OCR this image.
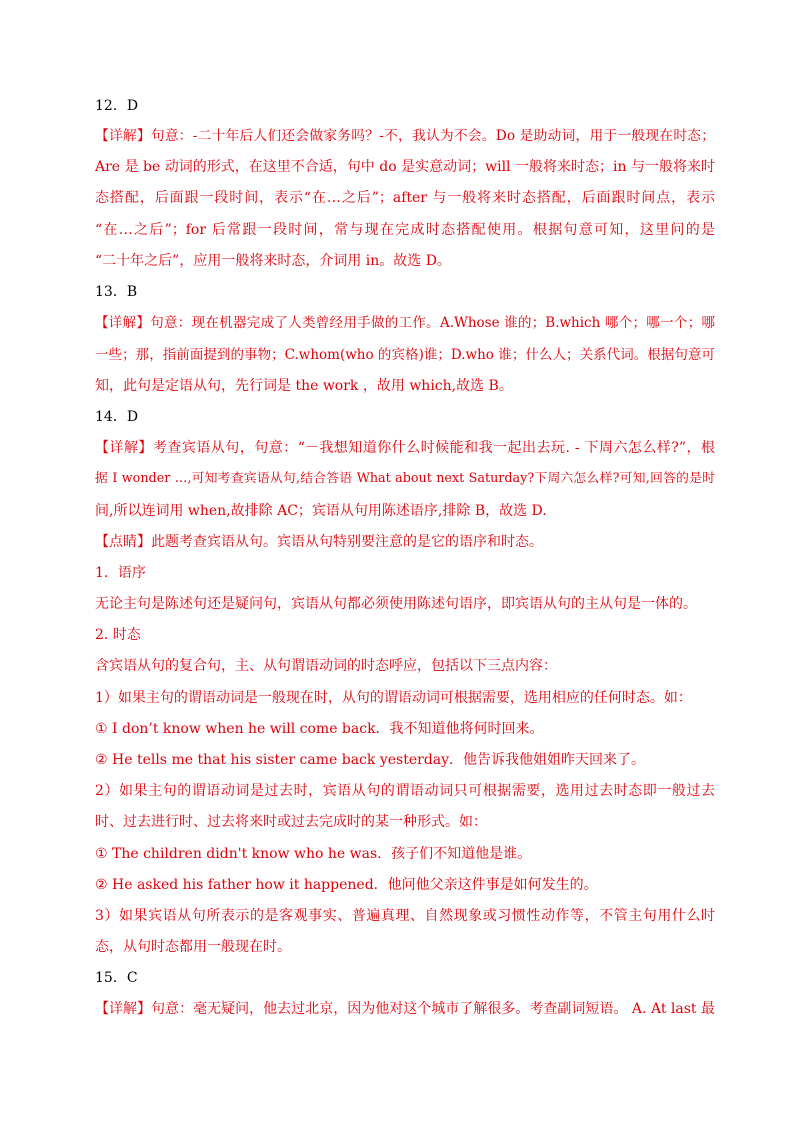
12．D
【详解】句意：-二十年后人们还会做家务吗？-不，我认为不会。Do 是助动词，用于一般现在时态；
Are 是 be 动词的形式，在这里不合适，句中 do 是实意动词；will 一般将来时态；in 与一般将来时
态搭配，后面跟一段时间，表示“在…之后”；after 与一般将来时态搭配，后面跟时间点，表示
“在…之后”；for 后常跟一段时间，常与现在完成时态搭配使用。根据句意可知，这里问的是
“二十年之后”，应用一般将来时态，介词用 in。故选 D。
13．B
【详解】句意：现在机器完成了人类曾经用手做的工作。A.Whose 谁的；B.which 哪个；哪一个；哪
一些；那，指前面提到的事物；C.whom(who 的宾格)谁；D.who 谁；什么人；关系代词。根据句意可
知，此句是定语从句，先行词是 the work ，故用 which,故选 B。
14．D
【详解】考查宾语从句，句意：“－我想知道你什么时候能和我一起出去玩. - 下周六怎么样?”，根
据 I wonder …,可知考查宾语从句,结合答语 What about next Saturday?下周六怎么样?可知,回答的是时
间,所以连词用 when,故排除 AC；宾语从句用陈述语序,排除 B，故选 D.
【点睛】此题考查宾语从句。宾语从句特别要注意的是它的语序和时态。
1．语序
无论主句是陈述句还是疑问句，宾语从句都必须使用陈述句语序，即宾语从句的主从句是一体的。
2. 时态
含宾语从句的复合句，主、从句谓语动词的时态呼应，包括以下三点内容：
1）如果主句的谓语动词是一般现在时，从句的谓语动词可根据需要，选用相应的任何时态。如：
① I don’t know when he will come back．我不知道他将何时回来。
② He tells me that his sister came back yesterday．他告诉我他姐姐昨天回来了。
2）如果主句的谓语动词是过去时，宾语从句的谓语动词只可根据需要，选用过去时态即一般过去
时、过去进行时、过去将来时或过去完成时的某一种形式。如：
① The children didn't know who he was．孩子们不知道他是谁。
② He asked his father how it happened．他问他父亲这件事是如何发生的。
3）如果宾语从句所表示的是客观事实、普遍真理、自然现象或习惯性动作等，不管主句用什么时
态，从句时态都用一般现在时。
15．C
【详解】句意：毫无疑问，他去过北京，因为他对这个城市了解很多。考查副词短语。 A. At last 最
